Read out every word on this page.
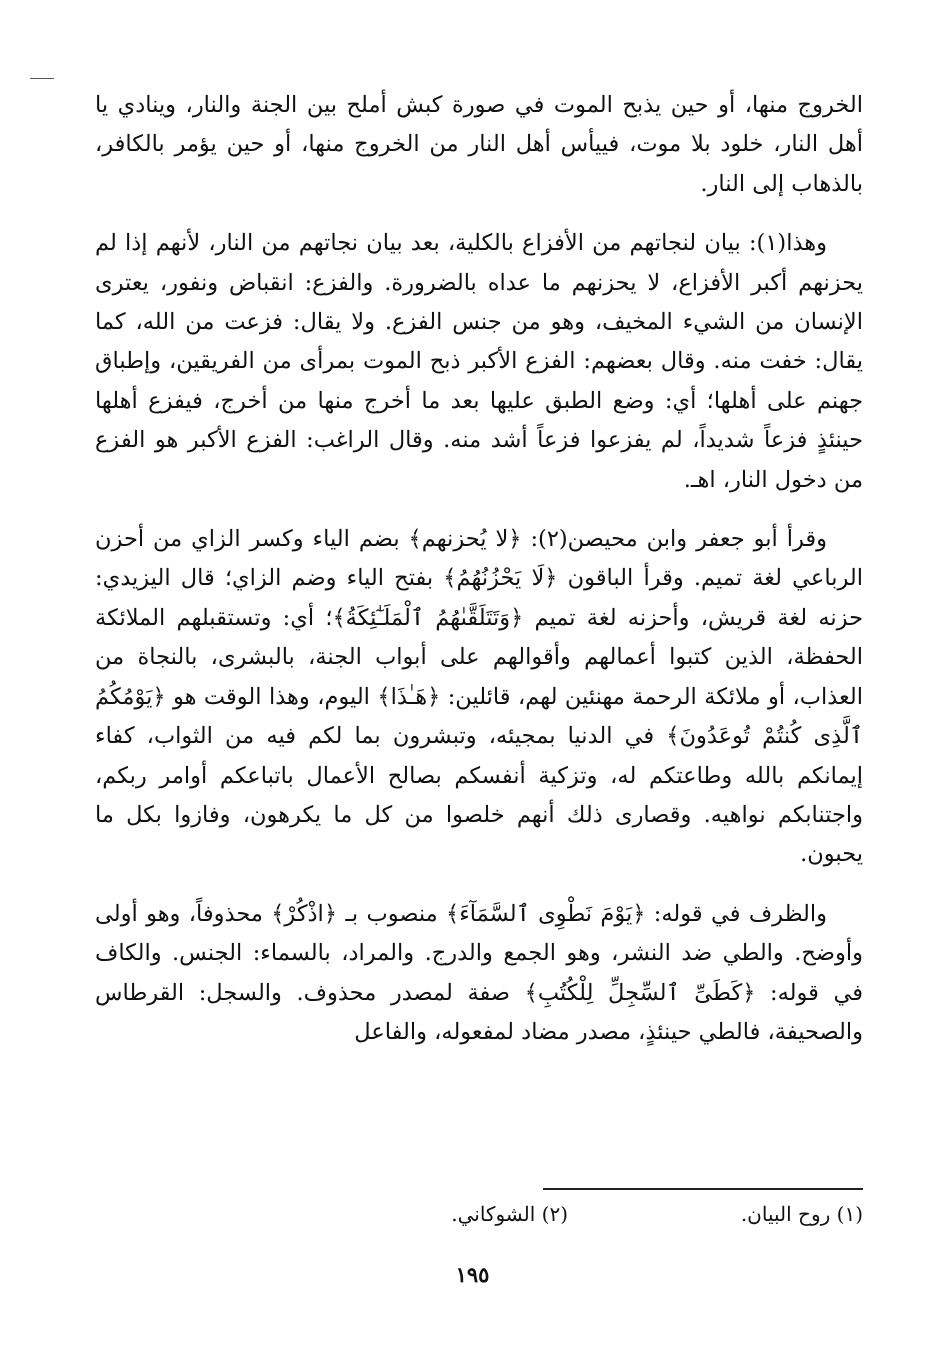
الخروج منها، أو حين يذبح الموت في صورة كبش أملح بين الجنة والنار، وينادي يا أهل النار، خلود بلا موت، فييأس أهل النار من الخروج منها، أو حين يؤمر بالكافر، بالذهاب إلى النار.

وهذا(١): بيان لنجاتهم من الأفزاع بالكلية، بعد بيان نجاتهم من النار، لأنهم إذا لم يحزنهم أكبر الأفزاع، لا يحزنهم ما عداه بالضرورة. والفزع: انقباض ونفور، يعترى الإنسان من الشيء المخيف، وهو من جنس الفزع. ولا يقال: فزعت من الله، كما يقال: خفت منه. وقال بعضهم: الفزع الأكبر ذبح الموت بمرأى من الفريقين، وإطباق جهنم على أهلها؛ أي: وضع الطبق عليها بعد ما أخرج منها من أخرج، فيفزع أهلها حينئذٍ فزعاً شديداً، لم يفزعوا فزعاً أشد منه. وقال الراغب: الفزع الأكبر هو الفزع من دخول النار، اهـ.

وقرأ أبو جعفر وابن محيصن(٢): ﴿لا يُحزنهم﴾ بضم الياء وكسر الزاي من أحزن الرباعي لغة تميم. وقرأ الباقون ﴿لَا يَحْزُنُهُمُ﴾ بفتح الياء وضم الزاي؛ قال اليزيدي: حزنه لغة قريش، وأحزنه لغة تميم ﴿وَتَتَلَقَّىٰهُمُ ٱلْمَلَـٰٓئِكَةُ﴾؛ أي: وتستقبلهم الملائكة الحفظة، الذين كتبوا أعمالهم وأقوالهم على أبواب الجنة، بالبشرى، بالنجاة من العذاب، أو ملائكة الرحمة مهنئين لهم، قائلين: ﴿هَـٰذَا﴾ اليوم، وهذا الوقت هو ﴿يَوْمُكُمُ ٱلَّذِى كُنتُمْ تُوعَدُونَ﴾ في الدنيا بمجيئه، وتبشرون بما لكم فيه من الثواب، كفاء إيمانكم بالله وطاعتكم له، وتزكية أنفسكم بصالح الأعمال باتباعكم أوامر ربكم، واجتنابكم نواهيه. وقصارى ذلك أنهم خلصوا من كل ما يكرهون، وفازوا بكل ما يحبون.

والظرف في قوله: ﴿يَوْمَ نَطْوِى ٱلسَّمَآءَ﴾ منصوب بـ ﴿اذْكُرْ﴾ محذوفاً، وهو أولى وأوضح. والطي ضد النشر، وهو الجمع والدرج. والمراد، بالسماء: الجنس. والكاف في قوله: ﴿كَطَىِّ ٱلسِّجِلِّ لِلْكُتُبِ﴾ صفة لمصدر محذوف. والسجل: القرطاس والصحيفة، فالطي حينئذٍ، مصدر مضاد لمفعوله، والفاعل

(١) روح البيان.
(٢) الشوكاني.
١٩٥
